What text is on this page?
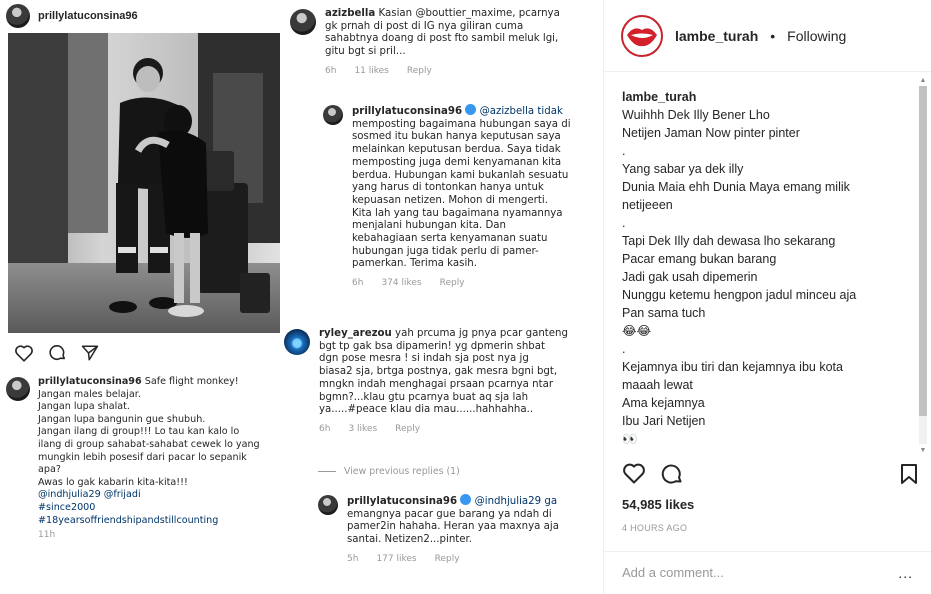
prillylatuconsina96
prillylatuconsina96 Safe flight monkey!
Jangan males belajar.
Jangan lupa shalat.
Jangan lupa bangunin gue shubuh.
Jangan ilang di group!!! Lo tau kan kalo lo
ilang di group sahabat-sahabat cewek lo yang
mungkin lebih posesif dari pacar lo sepanik
apa?
Awas lo gak kabarin kita-kita!!!
@indhjulia29 @frijadi
#since2000
#18yearsoffriendshipandstillcounting
11h
azizbella Kasian @bouttier_maxime, pcarnya
gk prnah di post di IG nya giliran cuma
sahabtnya doang di post fto sambil meluk lgi,
gitu bgt si pril...
6h 11 likes Reply
prillylatuconsina96 @azizbella tidak
memposting bagaimana hubungan saya di
sosmed itu bukan hanya keputusan saya
melainkan keputusan berdua. Saya tidak
memposting juga demi kenyamanan kita
berdua. Hubungan kami bukanlah sesuatu
yang harus di tontonkan hanya untuk
kepuasan netizen. Mohon di mengerti.
Kita lah yang tau bagaimana nyamannya
menjalani hubungan kita. Dan
kebahagiaan serta kenyamanan suatu
hubungan juga tidak perlu di pamer-
pamerkan. Terima kasih.
6h 374 likes Reply
ryley_arezou yah prcuma jg pnya pcar ganteng
bgt tp gak bsa dipamerin! yg dpmerin shbat
dgn pose mesra ! si indah sja post nya jg
biasa2 sja, brtga postnya, gak mesra bgni bgt,
mngkn indah menghagai prsaan pcarnya ntar
bgmn?...klau gtu pcarnya buat aq sja lah
ya.....#peace klau dia mau......hahhahha..
6h 3 likes Reply
View previous replies (1)
prillylatuconsina96 @indhjulia29 ga
emangnya pacar gue barang ya ndah di
pamer2in hahaha. Heran yaa maxnya aja
santai. Netizen2...pinter.
5h 177 likes Reply
lambe_turah • Following
lambe_turah
Wuihhh Dek Illy Bener Lho
Netijen Jaman Now pinter pinter
.
Yang sabar ya dek illy
Dunia Maia ehh Dunia Maya emang milik
netijeeen
.
Tapi Dek Illy dah dewasa lho sekarang
Pacar emang bukan barang
Jadi gak usah dipemerin
Nunggu ketemu hengpon jadul minceu aja
Pan sama tuch
😂😂
.
Kejamnya ibu tiri dan kejamnya ibu kota
maaah lewat
Ama kejamnya
Ibu Jari Netijen
👀
▲
▼
54,985 likes
4 HOURS AGO
Add a comment...
...
